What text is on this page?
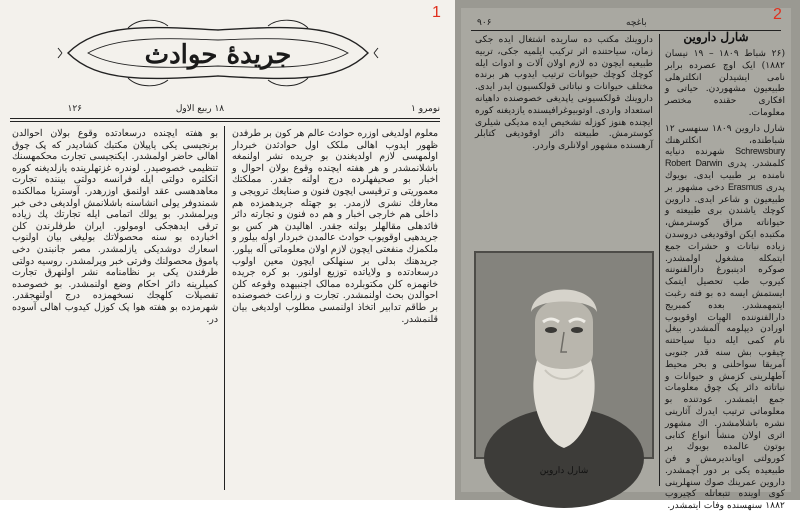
1
جريدهٔ حوادث
۱۲۶	۱۸ ربیع الاول	نومرو ۱

معلوم اولدیغی اوزره حوادث عالم هر کون بر طرفدن ظهور ایدوب اهالی ملکک اول حوادثدن خبردار اولمهسی لازم اولدیغندن بو جریده نشر اولنمغه باشلانمشدر و هر هفته ایچنده وقوع بولان احوال و اخبار بو صحیفهلرده درج اولنه جقدر. مملکتك معموریتی و ترقیسی ایچون فنون و صنایعك ترویجی و معارفك نشری لازمدر. بو جهتله جریدهمزده هم داخلی هم خارجی اخبار و هم ده فنون و تجارته دائر فائدهلی مقالهلر بولنه جقدر. اهالیدن هر کس بو جریدهیی اوقویوب حوادث عالمدن خبردار اوله بیلور و ملکمزك منفعتی ایچون لازم اولان معلوماتی آله بیلور. جریدهنك بدلی بر سنهلکی ایچون معین اولوب درسعادتده و ولایاتده توزیع اولنور. بو کره جریده خانهمزه کلن مکتوبلرده ممالک اجنبیهده وقوعه کلن احوالدن بحث اولنمشدر. تجارت و زراعت خصوصنده بر طاقم تدابیر اتخاذ اولنمسی مطلوب اولدیغی بیان قلنمشدر.

بو هفته ایچنده درسعادتده وقوع بولان احوالدن برنجیسی یکی یاپیلان مکتبك کشادیدر که پک چوق اهالی حاضر اولمشدر. ایکنجیسی تجارت محکمهسنك تنظیمی خصوصیدر. لوندره غزتهلرینده یازلدیغنه کوره انکلتره دولتی ایله فرانسه دولتی بیننده تجارت معاهدهسی عقد اولنمق اوزرهدر. آوستریا ممالکنده شمندوفر یولی انشاسنه باشلانمش اولدیغی دخی خبر ویرلمشدر. بو یولك اتمامی ایله تجارتك پك زیاده ترقی ایدهجکی اومولور. ایران طرفلرندن کلن اخبارده بو سنه محصولاتك بولیغی بیان اولنوب اسعارك دوشدیکی یازلمشدر. مصر جانبندن دخی پاموق محصولنك وفرتی خبر ویرلمشدر. روسیه دولتی طرفندن یکی بر نظامنامه نشر اولنهرق تجارت کمیلرینه دائر احکام وضع اولنمشدر. بو خصوصده تفصیلات کلهجك نسخهمزده درج اولنهجقدر. شهرمزده بو هفته هوا پک کوزل کیدوب اهالی آسوده در.

۹۰۶	باغچه
شارل داروین

(۲۶ شباط ۱۸۰۹ – ۱۹ نیسان ۱۸۸۲) ایک اوچ عصرده برابر نامی ایشیدلن انکلترهلی طبیعیون مشهوردن. حیاتی و افکاری حقنده مختصر معلومات.

شارل داروین ۱۸۰۹ سنهسی ۱۲ شباطنده، انکلترهنك Schrewsbury شهرنده دنیایه کلمشدر. پدری Robert Darwin نامنده بر طبیب ایدی. بویوك پدری Erasmus دخی مشهور بر طبیعیون و شاعر ایدی. داروین کوچك یاشندن بری طبیعته و حیواناته مراق کوسترمش، مکتبده ایکن اوقودیغی دروسدن زیاده نباتات و حشرات جمع ایتمکله مشغول اولمشدر. صوکره ادینبورغ دارالفنوننه کیروب طب تحصیل ایتمک ایستمش ایسه ده بو فنه رغبت ایتمهمشدر. بعده کمبریج دارالفنوننده الهیات اوقویوب اورادن دیپلومه آلمشدر. بیغل نام کمی ایله دنیا سیاحتنه چیقوب بش سنه قدر جنوبی آمریقا سواحلنی و بحر محیط آطهلرینی کزمش و حیوانات و نباتاته دائر پک چوق معلومات جمع ایتمشدر. عودتنده بو معلوماتی ترتیب ایدرك آثارینی نشره باشلامشدر. اك مشهور اثری اولان منشأ انواع کتابی بوتون عالمده بویوك بر کورولتی اویاندیرمش و فن طبیعیده یکی بر دور آچمشدر. داروین عمرینك صوك سنهلرینی کوی اوینده تتبعاتله کچیروب ۱۸۸۲ سنهسنده وفات ایتمشدر.

داروینك مکتب ده ساریده اشتغال ایده جکی زمان، سیاحتنده اثر ترکیب ایلمیه جکی، تربیه طبیعیه ایچون ده لازم اولان آلات و ادوات ایله کوچك کوچك حیوانات ترتیب ایدوب هر برنده مختلف حیوانات و نباتاتی قولکسیون ایدر ایدی. داروینك قولکسیونی یاپدیغی خصوصنده داهیانه استعداد واردی. اوتوبیوغرافیسنده یازدیغنه کوره ایچنده هنوز کوزله تشخیص ایده مدیکی شیلری کوسترمش. طبیعته دائر اوقودیغی کتابلر آرهسنده مشهور اولانلری واردر.

شارل داروین
2
